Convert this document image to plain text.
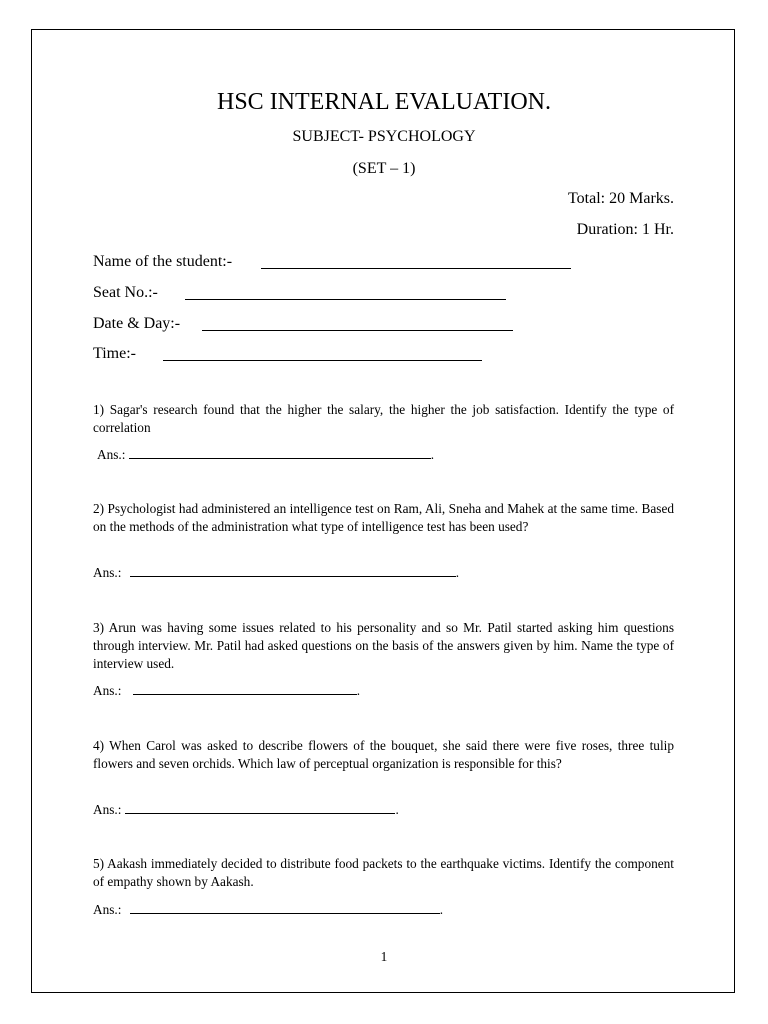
HSC INTERNAL EVALUATION.
SUBJECT- PSYCHOLOGY
(SET – 1)
Total: 20 Marks.
Duration: 1 Hr.
Name of the student:-
Seat No.:-
Date & Day:-
Time:-
1) Sagar's research found that the higher the salary, the higher the job satisfaction. Identify the type of correlation
Ans.:	.
2) Psychologist had administered an intelligence test on Ram, Ali, Sneha and Mahek at the same time. Based on the methods of the administration what type of intelligence test has been used?
Ans.:	.
3) Arun was having some issues related to his personality and so Mr. Patil started asking him questions through interview. Mr. Patil had asked questions on the basis of the answers given by him. Name the type of interview used.
Ans.:	.
4) When Carol was asked to describe flowers of the bouquet, she said there were five roses, three tulip flowers and seven orchids. Which law of perceptual organization is responsible for this?
Ans.:	.
5) Aakash immediately decided to distribute food packets to the earthquake victims. Identify the component of empathy shown by Aakash.
Ans.:	.
1
